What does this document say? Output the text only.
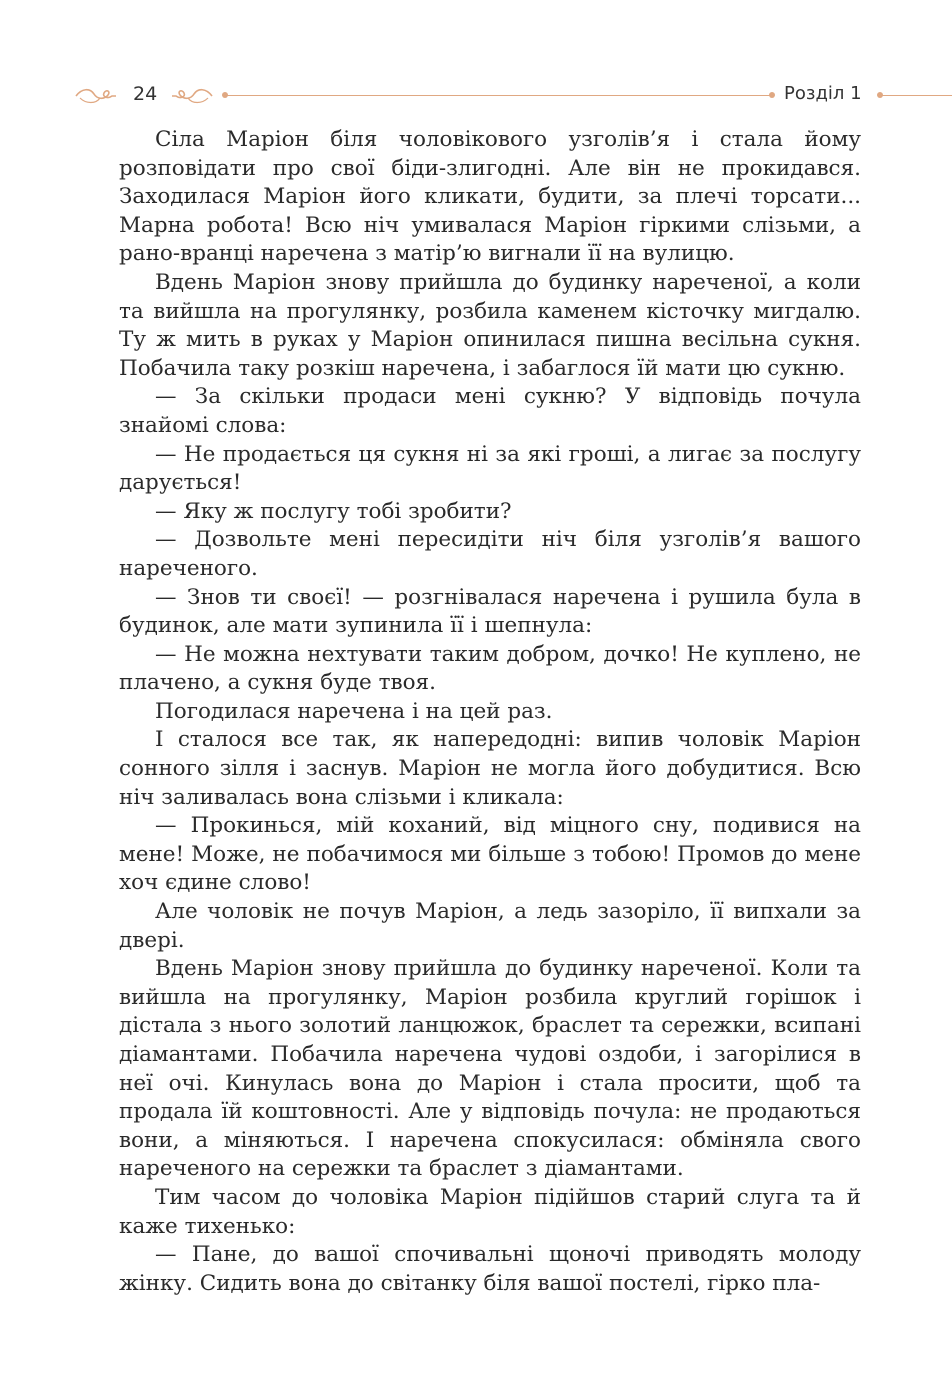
24	Розділ 1

Сіла Маріон біля чоловікового узголів’я і стала йому розповідати про свої біди-злигодні. Але він не прокидався. Заходилася Маріон його кликати, будити, за плечі торсати... Марна робота! Всю ніч умивалася Маріон гіркими слізьми, а рано-вранці наречена з матір’ю вигнали її на вулицю.

Вдень Маріон знову прийшла до будинку нареченої, а коли та вийшла на прогулянку, розбила каменем кісточку мигдалю. Ту ж мить в руках у Маріон опинилася пишна весільна сукня. Побачила таку розкіш наречена, і забаглося їй мати цю сукню.

— За скільки продаси мені сукню? У відповідь почула знайомі слова:

— Не продається ця сукня ні за які гроші, а лигає за послугу дарується!

— Яку ж послугу тобі зробити?

— Дозвольте мені пересидіти ніч біля узголів’я вашого нареченого.

— Знов ти своєї! — розгнівалася наречена і рушила була в будинок, але мати зупинила її і шепнула:

— Не можна нехтувати таким добром, дочко! Не куплено, не плачено, а сукня буде твоя.

Погодилася наречена і на цей раз.

І сталося все так, як напередодні: випив чоловік Маріон сонного зілля і заснув. Маріон не могла його добудитися. Всю ніч заливалась вона слізьми і кликала:

— Прокинься, мій коханий, від міцного сну, подивися на мене! Може, не побачимося ми більше з тобою! Промов до мене хоч єдине слово!

Але чоловік не почув Маріон, а ледь зазоріло, її випхали за двері.

Вдень Маріон знову прийшла до будинку нареченої. Коли та вийшла на прогулянку, Маріон розбила круглий горішок і дістала з нього золотий ланцюжок, браслет та сережки, всипані діамантами. Побачила наречена чудові оздоби, і загорілися в неї очі. Кинулась вона до Маріон і стала просити, щоб та продала їй коштовності. Але у відповідь почула: не продаються вони, а міняються. І наречена спокусилася: обміняла свого нареченого на сережки та браслет з діамантами.

Тим часом до чоловіка Маріон підійшов старий слуга та й каже тихенько:

— Пане, до вашої спочивальні щоночі приводять молоду жінку. Сидить вона до світанку біля вашої постелі, гірко пла-
